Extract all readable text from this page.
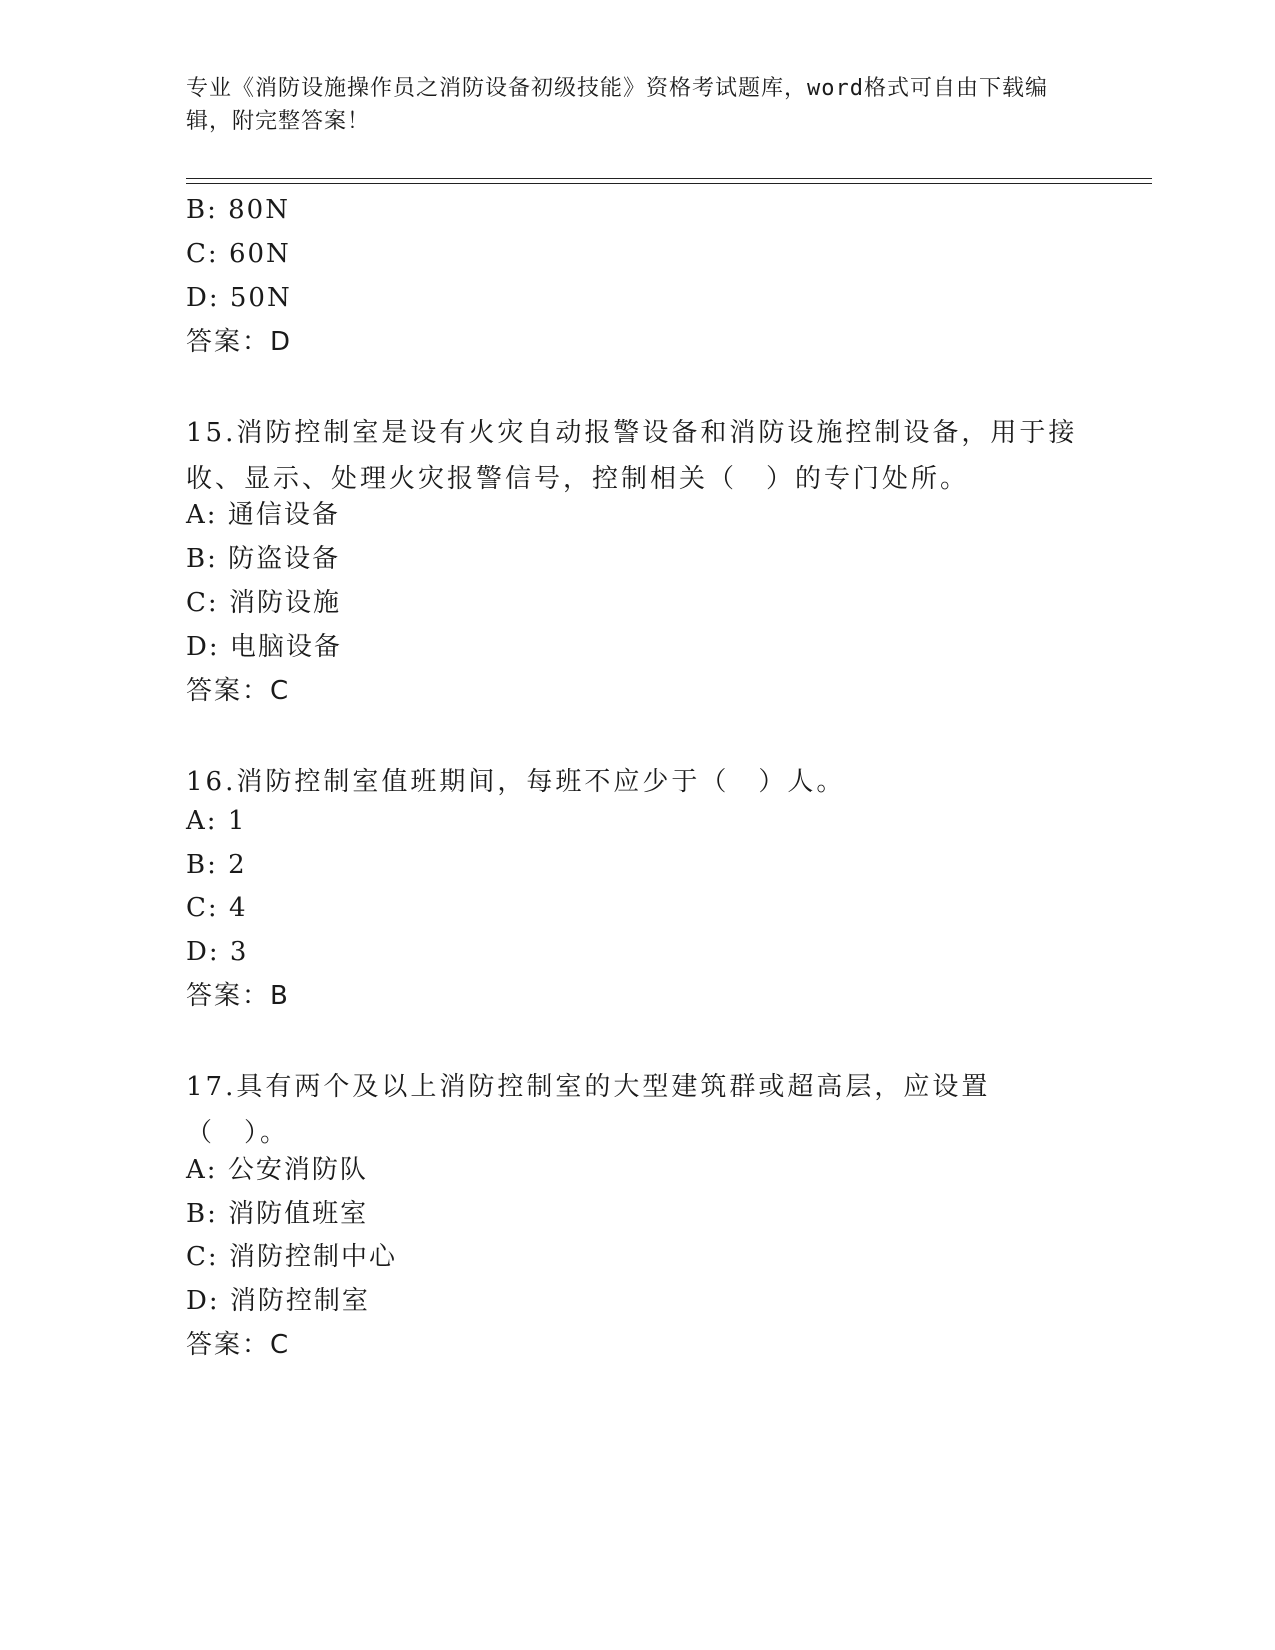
专业《消防设施操作员之消防设备初级技能》资格考试题库，word格式可自由下载编辑，附完整答案！
B: 80N
C: 60N
D: 50N
答案：D
15.消防控制室是设有火灾自动报警设备和消防设施控制设备，用于接收、显示、处理火灾报警信号，控制相关（　）的专门处所。
A: 通信设备
B: 防盗设备
C: 消防设施
D: 电脑设备
答案：C
16.消防控制室值班期间，每班不应少于（　）人。
A: 1
B: 2
C: 4
D: 3
答案：B
17.具有两个及以上消防控制室的大型建筑群或超高层，应设置（　）。
A: 公安消防队
B: 消防值班室
C: 消防控制中心
D: 消防控制室
答案：C
